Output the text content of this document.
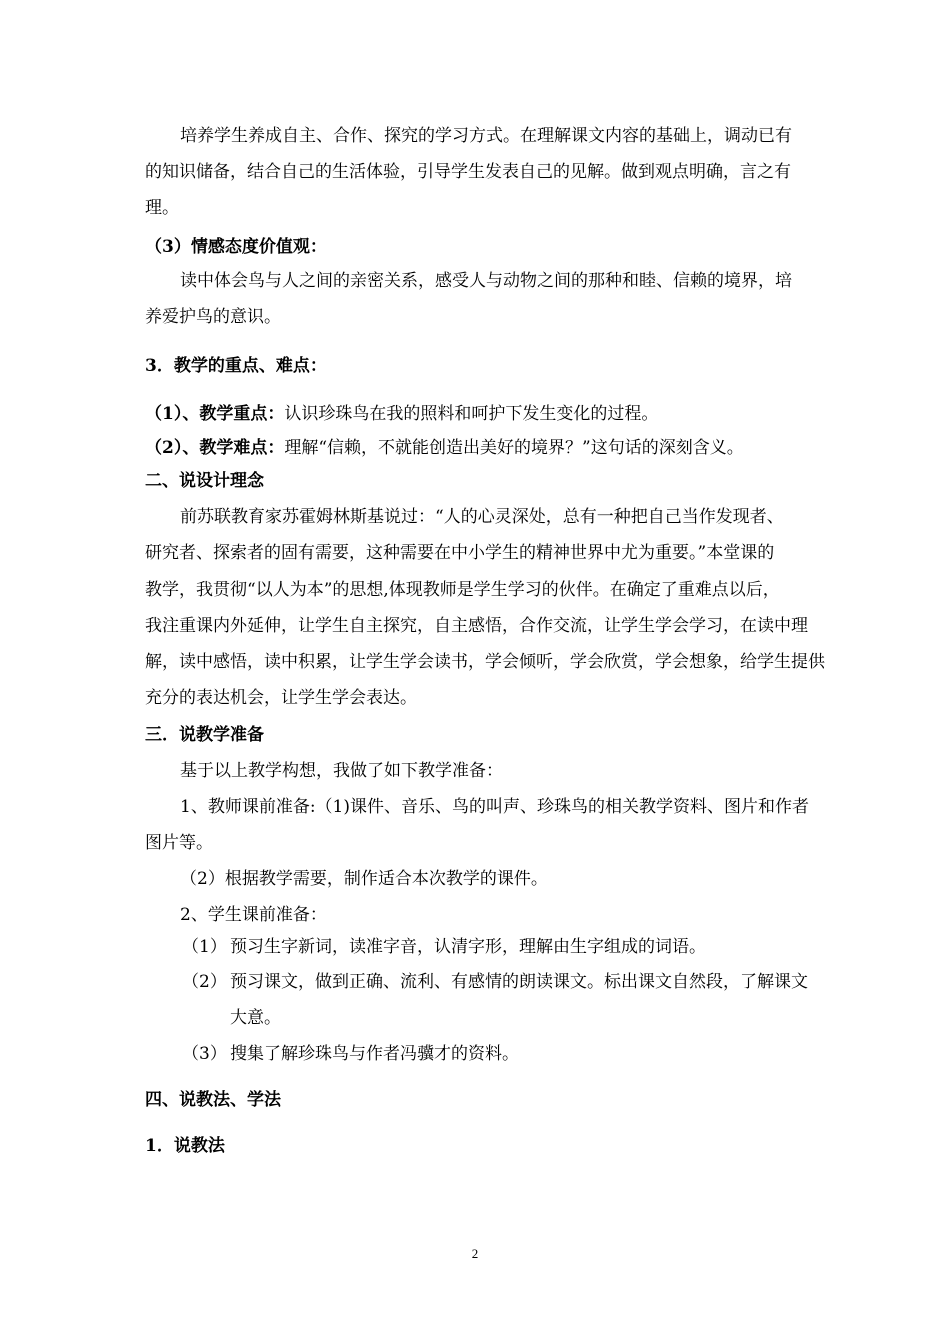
培养学生养成自主、合作、探究的学习方式。在理解课文内容的基础上，调动已有
的知识储备，结合自己的生活体验，引导学生发表自己的见解。做到观点明确，言之有
理。
（3）情感态度价值观：
读中体会鸟与人之间的亲密关系，感受人与动物之间的那种和睦、信赖的境界，培
养爱护鸟的意识。
3．教学的重点、难点：
（1）、教学重点：认识珍珠鸟在我的照料和呵护下发生变化的过程。
（2）、教学难点：理解“信赖，不就能创造出美好的境界？”这句话的深刻含义。
二、说设计理念
前苏联教育家苏霍姆林斯基说过：“人的心灵深处，总有一种把自己当作发现者、
研究者、探索者的固有需要，这种需要在中小学生的精神世界中尤为重要。”本堂课的
教学，我贯彻“以人为本”的思想,体现教师是学生学习的伙伴。在确定了重难点以后，
我注重课内外延伸，让学生自主探究，自主感悟，合作交流，让学生学会学习，在读中理
解，读中感悟，读中积累，让学生学会读书，学会倾听，学会欣赏，学会想象，给学生提供
充分的表达机会，让学生学会表达。
三．说教学准备
基于以上教学构想，我做了如下教学准备：
1、教师课前准备:（1)课件、音乐、鸟的叫声、珍珠鸟的相关教学资料、图片和作者
图片等。
（2）根据教学需要，制作适合本次教学的课件。
2、学生课前准备：
（1） 预习生字新词，读准字音，认清字形，理解由生字组成的词语。
（2） 预习课文，做到正确、流利、有感情的朗读课文。标出课文自然段，了解课文
大意。
（3） 搜集了解珍珠鸟与作者冯骥才的资料。
四、说教法、学法
1．说教法
2
